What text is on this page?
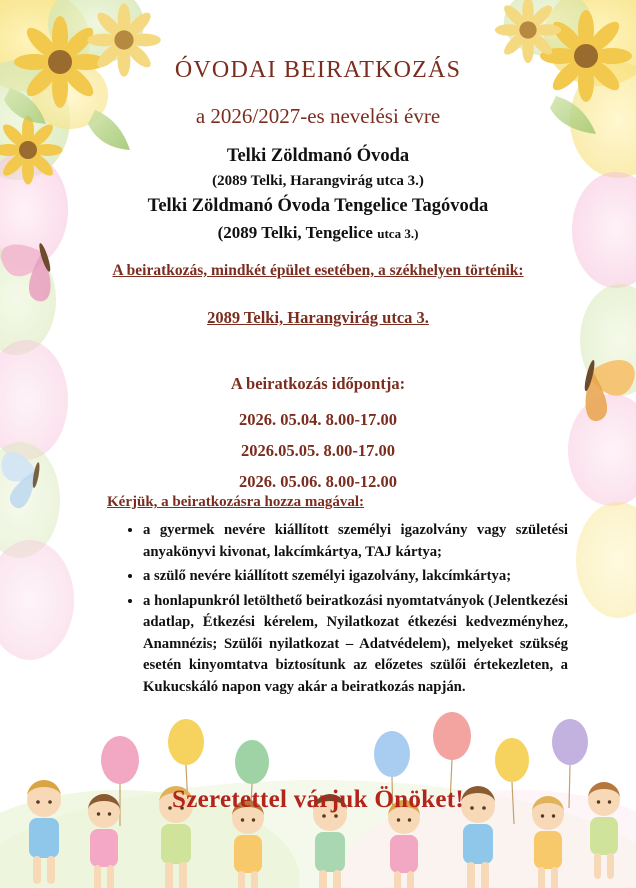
ÓVODAI BEIRATKOZÁS
a 2026/2027-es nevelési évre
Telki Zöldmanó Óvoda
(2089 Telki, Harangvirág utca 3.)
Telki Zöldmanó Óvoda Tengelice Tagóvoda
(2089 Telki, Tengelice utca 3.)
A beiratkozás, mindkét épület esetében, a székhelyen történik:
2089 Telki, Harangvirág utca 3.
A beiratkozás időpontja:
2026. 05.04. 8.00-17.00
2026.05.05. 8.00-17.00
2026. 05.06. 8.00-12.00
Kérjük, a beiratkozásra hozza magával:
• a gyermek nevére kiállított személyi igazolvány vagy születési anyakönyvi kivonat, lakcímkártya, TAJ kártya;
• a szülő nevére kiállított személyi igazolvány, lakcímkártya;
• a honlapunkról letölthető beiratkozási nyomtatványok (Jelentkezési adatlap, Étkezési kérelem, Nyilatkozat étkezési kedvezményhez, Anamnézis; Szülői nyilatkozat – Adatvédelem), melyeket szükség esetén kinyomtatva biztosítunk az előzetes szülői értekezleten, a Kukucskáló napon vagy akár a beiratkozás napján.
Szeretettel várjuk Önöket!
